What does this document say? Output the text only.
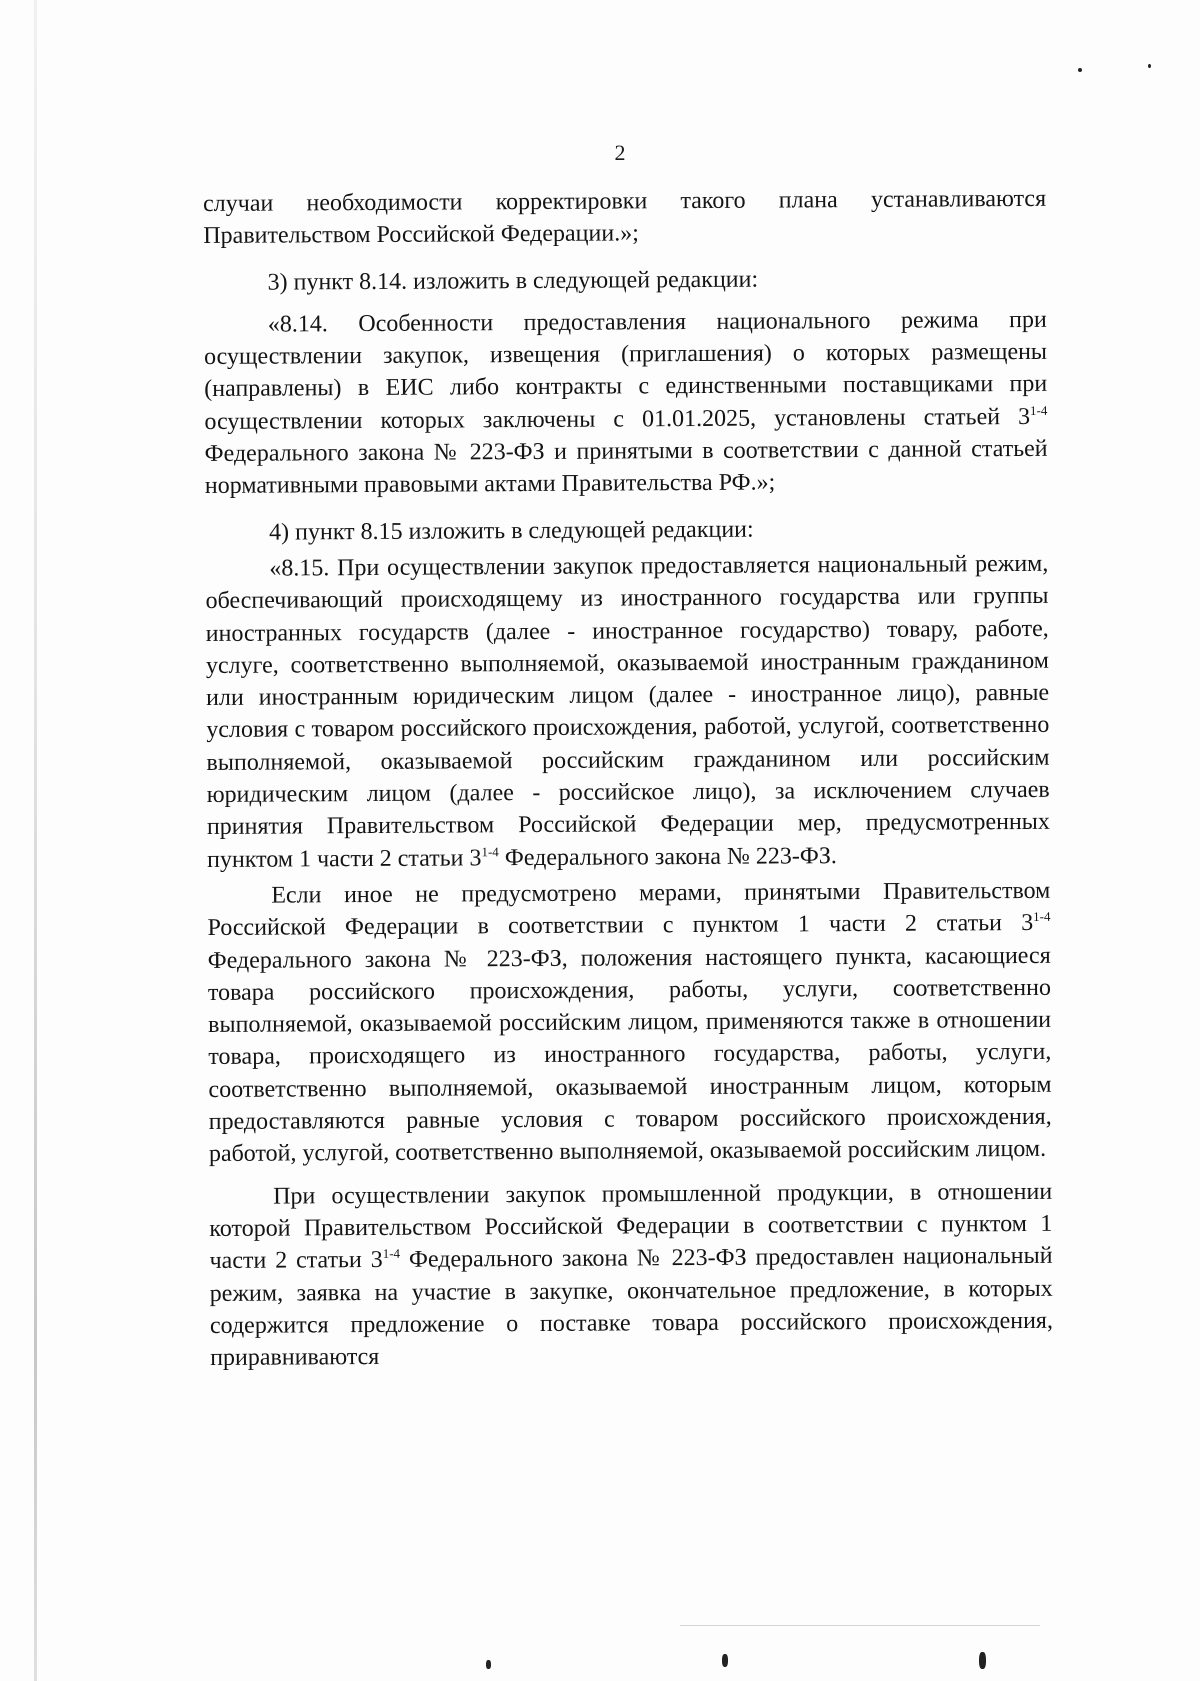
2

случаи необходимости корректировки такого плана устанавливаются Правительством Российской Федерации.»;

3) пункт 8.14. изложить в следующей редакции:

«8.14. Особенности предоставления национального режима при осуществлении закупок, извещения (приглашения) о которых размещены (направлены) в ЕИС либо контракты с единственными поставщиками при осуществлении которых заключены с 01.01.2025, установлены статьей 3$^{1-4}$ Федерального закона № 223-ФЗ и принятыми в соответствии с данной статьей нормативными правовыми актами Правительства РФ.»;

4) пункт 8.15 изложить в следующей редакции:

«8.15. При осуществлении закупок предоставляется национальный режим, обеспечивающий происходящему из иностранного государства или группы иностранных государств (далее - иностранное государство) товару, работе, услуге, соответственно выполняемой, оказываемой иностранным гражданином или иностранным юридическим лицом (далее - иностранное лицо), равные условия с товаром российского происхождения, работой, услугой, соответственно выполняемой, оказываемой российским гражданином или российским юридическим лицом (далее - российское лицо), за исключением случаев принятия Правительством Российской Федерации мер, предусмотренных пунктом 1 части 2 статьи 3$^{1-4}$ Федерального закона № 223-ФЗ.

Если иное не предусмотрено мерами, принятыми Правительством Российской Федерации в соответствии с пунктом 1 части 2 статьи 3$^{1-4}$ Федерального закона № 223-ФЗ, положения настоящего пункта, касающиеся товара российского происхождения, работы, услуги, соответственно выполняемой, оказываемой российским лицом, применяются также в отношении товара, происходящего из иностранного государства, работы, услуги, соответственно выполняемой, оказываемой иностранным лицом, которым предоставляются равные условия с товаром российского происхождения, работой, услугой, соответственно выполняемой, оказываемой российским лицом.

При осуществлении закупок промышленной продукции, в отношении которой Правительством Российской Федерации в соответствии с пунктом 1 части 2 статьи 3$^{1-4}$ Федерального закона № 223-ФЗ предоставлен национальный режим, заявка на участие в закупке, окончательное предложение, в которых содержится предложение о поставке товара российского происхождения, приравниваются
